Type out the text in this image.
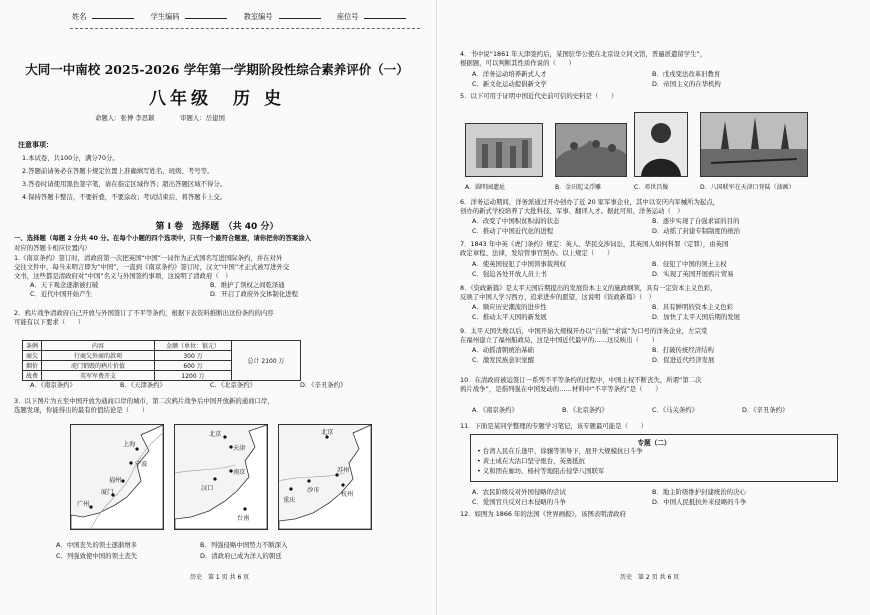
姓名	学生编码	教室编号	座位号
大同一中南校 2025-2026 学年第一学期阶段性综合素养评价（一）
八年级　历 史
命题人：张博 李思颖　　　　审题人：岳建国
注意事项：
1.本试卷，共100分，满分70分。
2.答题前请务必在答题卡规定位置上准确填写姓名、班级、考号等。
3.答卷时请使用黑色签字笔，请在指定区域作答；超出答题区域不得分。
4.保持答题卡整洁，不要折叠，不要涂改；考试结束后，将答题卡上交。
第 I 卷　选择题　（共 40 分）
一、选择题（每题 2 分共 40 分。在每个小题的四个选项中，只有一个最符合题意，请你把你的答案涂入
对应的答题卡相应位置内）
1.《南京条约》签订时，清政府第一次把英国“中国”一词作为正式国名写进国际条约，并在对外
交往文件中，每当未明言即为“中国”，一直到《南京条约》签订时，汉文“中国”才正式被写进外交
文书，这些都是清政府对“中国”名义与外国签约事项，这说明了清政府（　）
A．天下观念逐渐被打破	B．维护了领权之间乾泽通
C．近代中国开始产生	D．开启了政府外交体制化进程
2．鸦片战争清政府自己开放与外国签订了不平等条约，根据下表资料推断出这份条约的内容
可能有以下要求（　　）
条例	内容	金额（单位：银元）	总计 2100 万
商欠	行商欠外商的款项	300 万	
烟价	虎门销毁的鸦片价值	600 万	
战费	英军军费开支	1200 万	
A．《南京条约》	B．《天津条约》	C．《北京条约》	D．《辛丑条约》
3．以下图片为五至中国开放为通商口岸的城市，第二次鸦片战争后中国开放新的通商口岸，
选题发现，你能得出的最有价值结论是（　　）
上海
宁波
福州
厦门
广州
北京
天津
南京
汉口
台南
北京
沙市
重庆
杭州
苏州
A．中国丧失的领土逐渐增多	B．列强侵略中国势力不断深入
C．列强致使中国的领土丧失	D．清政府已成为洋人的朝廷
历史　第 1 页 共 6 页
4．书中说“1861 年天津签约后，某国驻华公使在北京设立同文馆，普遍派遣留学生”，
根据题，可以判断其性质作说的（　　）
A．洋务运动培养新式人才	B．戊戌变法改革旧教育
C．新文化运动提倡新文学	D．帝国主义的在华机构
5．以下可用于证明中国近代史前可信的史料是（　　）
A．圆明园遗址	B．金田起义浮雕	C．邓世昌像	D．八国联军在天津口登陆（油画）
6．洋务运动期间，洋务派通过开办创办了近 20 家军事企业，其中以安庆内军械所为起点，
创办的新式学校培养了大批科技、军事、翻译人才。据此可知，洋务运动（　）
A．改变了中国积贫积弱的状态	B．逐步实现了自强求富的目的
C．推动了中国近代化的进程	D．动摇了封建专制制度的统治
7．1843 年中英《虎门条约》规定：英人、华民交涉词讼，其英国人如何科罪（定罪），由英国
政定章程、法律，发给管事官照办。以上规定（　　）
A．使英国侵犯了中国领事裁判权	B．侵犯了中国的领土主权
C．强迫各处开放人员上书	D．实现了英国开展鸦片贸易
8．《资政新篇》是太平天国后期提出的发展资本主义的施政纲领，具有一定资本主义色彩，
反映了中国人学习西方、追求进步的愿望，这说明《资政新篇》（　）
A．顺应历史潮流的进步性	B．具有鲜明的资本主义色彩
C．推动太平天国的新发展	D．加快了太平天国后期的发展
9．太平天国失败以后，中国开始大规模开办以“自强”“求富”为口号的洋务企业，左宗棠
在福州建立了福州船政局，这是中国近代最早的……这反映出（　　）
A．动摇清朝统治基础	B．打破传统经济结构
C．激发民族意识觉醒	D．促进近代经济发展
10．在清政府被迫签订一系列不平等条约的过程中，中国主权不断丧失，所谓“第二次
鸦片战争”，是指列强在中国发动的……材料中“不平等条约”是（　　）
A．《南京条约》	B．《北京条约》	C．《马关条约》	D．《辛丑条约》
11．下面是某同学整理的专题学习笔记，该专题最可能是（　　）
专题（二）
• 台湾人民在丘逢甲、徐骧等领导下，展开大规模抗日斗争
• 黄士成在大沽口坚守炮台，英勇抵抗
• 义和团在廊坊、杨村等地阻击侵华八国联军
A．农民阶级反对外国侵略的尝试	B．地主阶级维护封建统治的决心
C．爱国官兵反对日本侵略的斗争	D．中国人民抵抗外来侵略的斗争
12．如图为 1866 年的法国《世界画报》，该图表明清政府
历史　第 2 页 共 6 页
